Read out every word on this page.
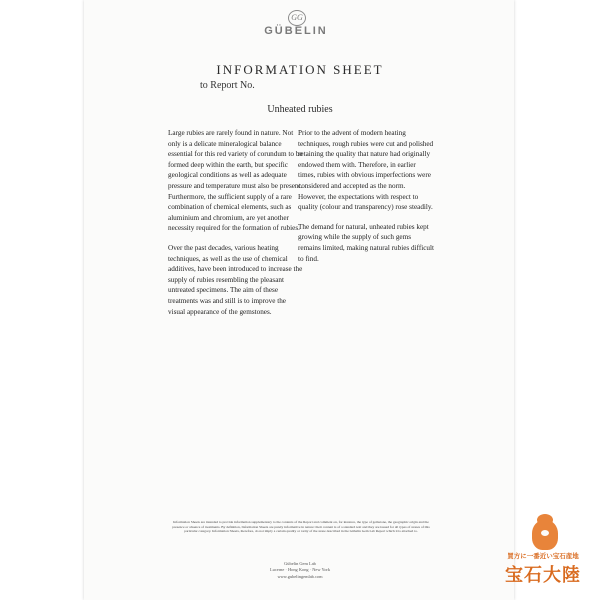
GG
GÜBELIN
INFORMATION SHEET
to Report No.
Unheated rubies

Large rubies are rarely found in nature. Not only is a delicate mineralogical balance essential for this red variety of corundum to be formed deep within the earth, but specific geological conditions as well as adequate pressure and temperature must also be present. Furthermore, the sufficient supply of a rare combination of chemical elements, such as aluminium and chromium, are yet another necessity required for the formation of rubies.

Over the past decades, various heating techniques, as well as the use of chemical additives, have been introduced to increase the supply of rubies resembling the pleasant untreated specimens. The aim of these treatments was and still is to improve the visual appearance of the gemstones.

Prior to the advent of modern heating techniques, rough rubies were cut and polished retaining the quality that nature had originally endowed them with. Therefore, in earlier times, rubies with obvious imperfections were considered and accepted as the norm. However, the expectations with respect to quality (colour and transparency) rose steadily.

The demand for natural, unheated rubies kept growing while the supply of such gems remains limited, making natural rubies difficult to find.

Information Sheets are intended to provide information supplementary to the contents of the Report and comment on, for instance, the type of gemstone, the geographic origin and the presence or absence of treatments. By definition, Information Sheets are purely informative in nature: their content is of a standard text and they are issued for all types of stones of this particular category. Information Sheets, therefore, do not imply a certain quality or rarity of the stone described in the Gübelin Gem Lab Report which it is attached to.
Gübelin Gem Lab
Lucerne · Hong Kong · New York
www.gubelingemlab.com
買方に一番近い宝石産地
宝石大陸
